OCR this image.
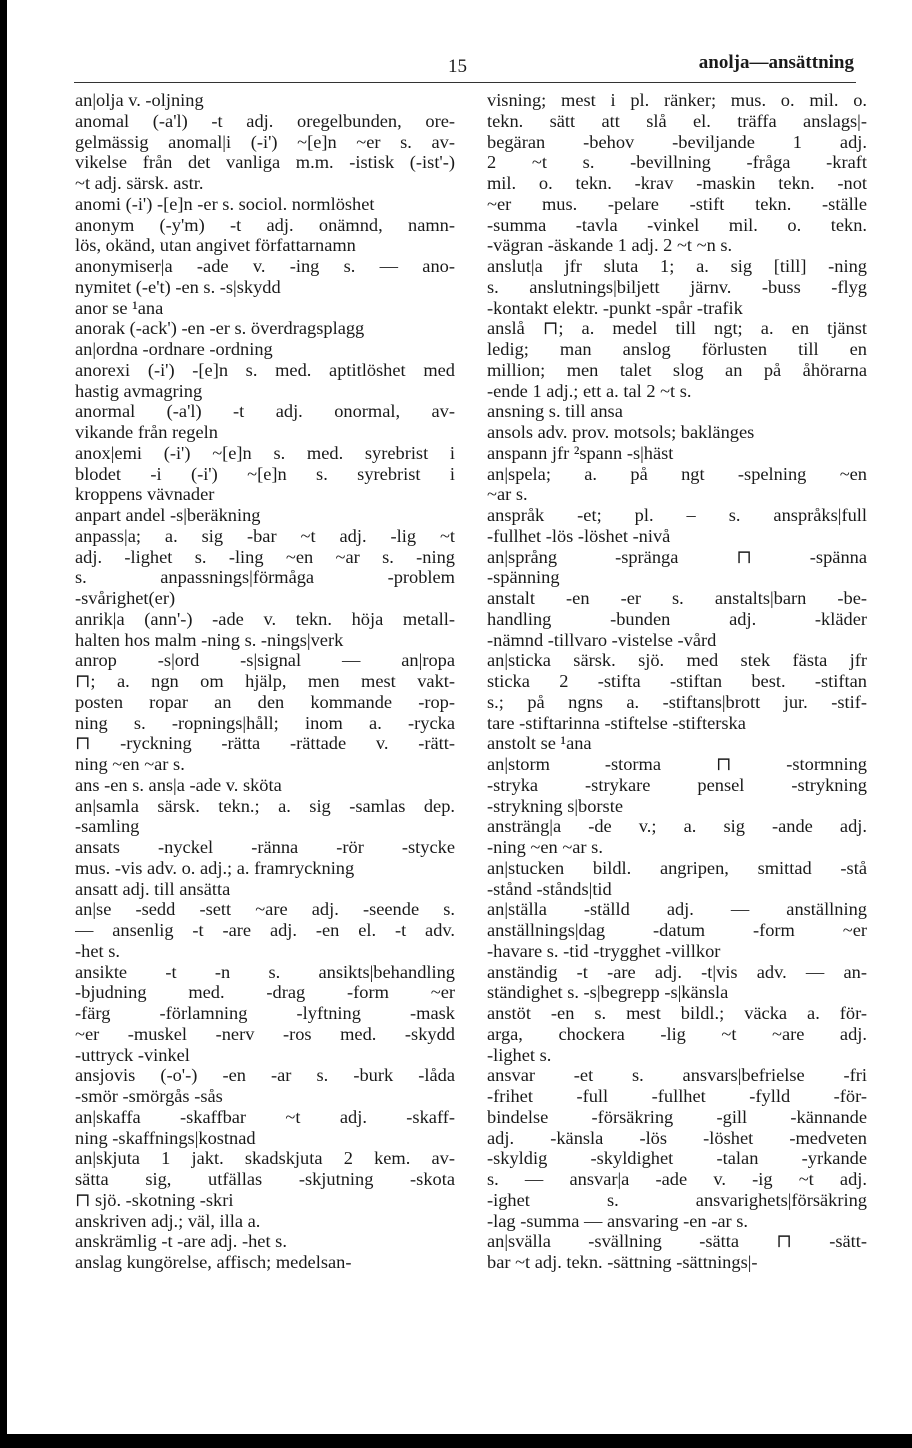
15	anolja—ansättning
an|olja v. -oljning
anomal (-a'l) -t adj. oregelbunden, ore-
gelmässig anomal|i (-i') ~[e]n ~er s. av-
vikelse från det vanliga m.m. -istisk (-ist'-)
~t adj. särsk. astr.
anomi (-i') -[e]n -er s. sociol. normlöshet
anonym (-y'm) -t adj. onämnd, namn-
lös, okänd, utan angivet författarnamn
anonymiser|a -ade v. -ing s. — ano-
nymitet (-e't) -en s. -s|skydd
anor se ¹ana
anorak (-ack') -en -er s. överdragsplagg
an|ordna -ordnare -ordning
anorexi (-i') -[e]n s. med. aptitlöshet med
hastig avmagring
anormal (-a'l) -t adj. onormal, av-
vikande från regeln
anox|emi (-i') ~[e]n s. med. syrebrist i
blodet -i (-i') ~[e]n s. syrebrist i
kroppens vävnader
anpart andel -s|beräkning
anpass|a; a. sig -bar ~t adj. -lig ~t
adj. -lighet s. -ling ~en ~ar s. -ning
s. anpassnings|förmåga -problem
-svårighet(er)
anrik|a (ann'-) -ade v. tekn. höja metall-
halten hos malm -ning s. -nings|verk
anrop -s|ord -s|signal — an|ropa
⊓; a. ngn om hjälp, men mest vakt-
posten ropar an den kommande -rop-
ning s. -ropnings|håll; inom a. -rycka
⊓ -ryckning -rätta -rättade v. -rätt-
ning ~en ~ar s.
ans -en s. ans|a -ade v. sköta
an|samla särsk. tekn.; a. sig -samlas dep.
-samling
ansats -nyckel -ränna -rör -stycke
mus. -vis adv. o. adj.; a. framryckning
ansatt adj. till ansätta
an|se -sedd -sett ~are adj. -seende s.
— ansenlig -t -are adj. -en el. -t adv.
-het s.
ansikte -t -n s. ansikts|behandling
-bjudning med. -drag -form ~er
-färg -förlamning -lyftning -mask
~er -muskel -nerv -ros med. -skydd
-uttryck -vinkel
ansjovis (-o'-) -en -ar s. -burk -låda
-smör -smörgås -sås
an|skaffa -skaffbar ~t adj. -skaff-
ning -skaffnings|kostnad
an|skjuta 1 jakt. skadskjuta 2 kem. av-
sätta sig, utfällas -skjutning -skota
⊓ sjö. -skotning -skri
anskriven adj.; väl, illa a.
anskrämlig -t -are adj. -het s.
anslag kungörelse, affisch; medelsan-
visning; mest i pl. ränker; mus. o. mil. o.
tekn. sätt att slå el. träffa anslags|-
begäran -behov -beviljande 1 adj.
2 ~t s. -bevillning -fråga -kraft
mil. o. tekn. -krav -maskin tekn. -not
~er mus. -pelare -stift tekn. -ställe
-summa -tavla -vinkel mil. o. tekn.
-vägran -äskande 1 adj. 2 ~t ~n s.
anslut|a jfr sluta 1; a. sig [till] -ning
s. anslutnings|biljett järnv. -buss -flyg
-kontakt elektr. -punkt -spår -trafik
anslå ⊓; a. medel till ngt; a. en tjänst
ledig; man anslog förlusten till en
million; men talet slog an på åhörarna
-ende 1 adj.; ett a. tal 2 ~t s.
ansning s. till ansa
ansols adv. prov. motsols; baklänges
anspann jfr ²spann -s|häst
an|spela; a. på ngt -spelning ~en
~ar s.
anspråk -et; pl. – s. anspråks|full
-fullhet -lös -löshet -nivå
an|språng -spränga ⊓ -spänna
-spänning
anstalt -en -er s. anstalts|barn -be-
handling -bunden adj. -kläder
-nämnd -tillvaro -vistelse -vård
an|sticka särsk. sjö. med stek fästa jfr
sticka 2 -stifta -stiftan best. -stiftan
s.; på ngns a. -stiftans|brott jur. -stif-
tare -stiftarinna -stiftelse -stifterska
anstolt se ¹ana
an|storm -storma ⊓ -stormning
-stryka -strykare pensel -strykning
-strykning s|borste
ansträng|a -de v.; a. sig -ande adj.
-ning ~en ~ar s.
an|stucken bildl. angripen, smittad -stå
-stånd -stånds|tid
an|ställa -ställd adj. — anställning
anställnings|dag -datum -form ~er
-havare s. -tid -trygghet -villkor
anständig -t -are adj. -t|vis adv. — an-
ständighet s. -s|begrepp -s|känsla
anstöt -en s. mest bildl.; väcka a. för-
arga, chockera -lig ~t ~are adj.
-lighet s.
ansvar -et s. ansvars|befrielse -fri
-frihet -full -fullhet -fylld -för-
bindelse -försäkring -gill -kännande
adj. -känsla -lös -löshet -medveten
-skyldig -skyldighet -talan -yrkande
s. — ansvar|a -ade v. -ig ~t adj.
-ighet s. ansvarighets|försäkring
-lag -summa — ansvaring -en -ar s.
an|svälla -svällning -sätta ⊓ -sätt-
bar ~t adj. tekn. -sättning -sättnings|-
